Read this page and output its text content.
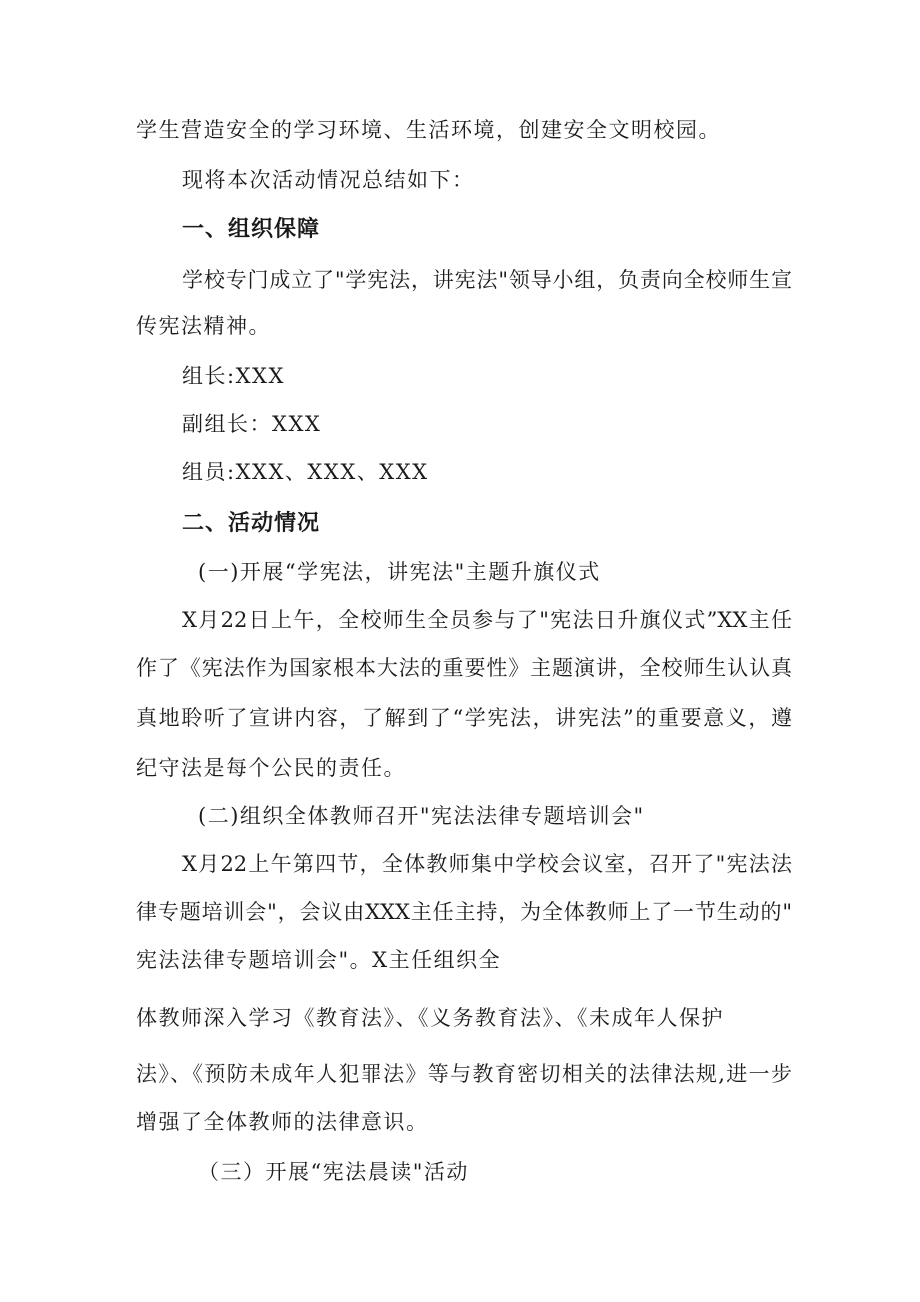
学生营造安全的学习环境、生活环境，创建安全文明校园。
现将本次活动情况总结如下：
一、组织保障
学校专门成立了"学宪法，讲宪法"领导小组，负责向全校师生宣
传宪法精神。
组长:XXX
副组长：XXX
组员:XXX、XXX、XXX
二、活动情况
(一)开展“学宪法，讲宪法"主题升旗仪式
X月22日上午，全校师生全员参与了"宪法日升旗仪式”XX主任
作了《宪法作为国家根本大法的重要性》主题演讲，全校师生认认真
真地聆听了宣讲内容，了解到了“学宪法，讲宪法”的重要意义，遵
纪守法是每个公民的责任。
(二)组织全体教师召开"宪法法律专题培训会"
X月22上午第四节，全体教师集中学校会议室，召开了"宪法法
律专题培训会"，会议由XXX主任主持，为全体教师上了一节生动的"
宪法法律专题培训会"。X主任组织全
体教师深入学习《教育法》、《义务教育法》、《未成年人保护
法》、《预防未成年人犯罪法》等与教育密切相关的法律法规,进一步
增强了全体教师的法律意识。
（三）开展“宪法晨读"活动
